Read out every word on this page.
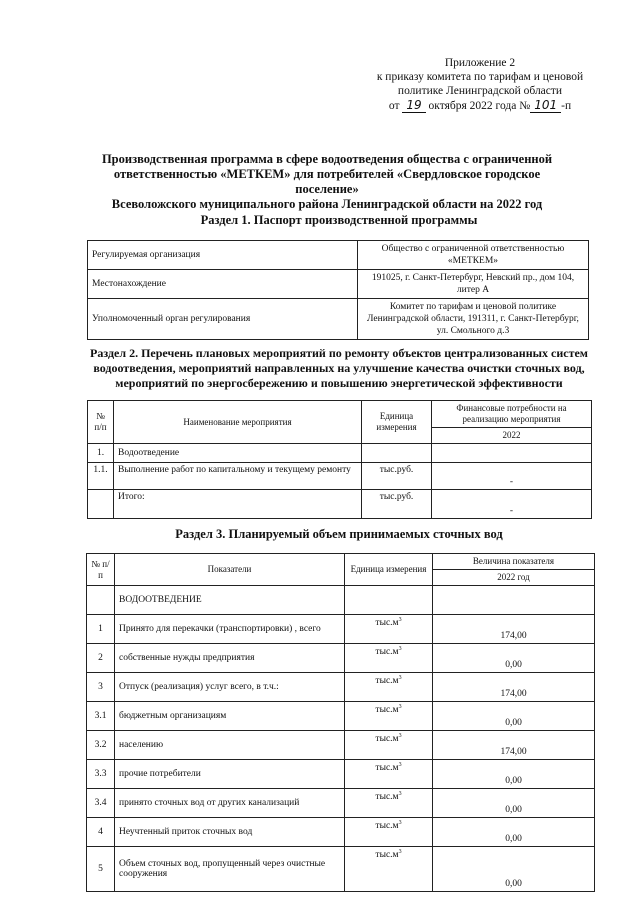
Приложение 2
к приказу комитета по тарифам и ценовой
политике Ленинградской области
от 19 октября 2022 года № 101 -п
Производственная программа в сфере водоотведения общества с ограниченной
ответственностью «МЕТКЕМ» для потребителей «Свердловское городское поселение»
Всеволожского муниципального района Ленинградской области на 2022 год
Раздел 1. Паспорт производственной программы
Регулируемая организация	Общество с ограниченной ответственностью «МЕТКЕМ»
Местонахождение	191025, г. Санкт-Петербург, Невский пр., дом 104, литер А
Уполномоченный орган регулирования	Комитет по тарифам и ценовой политике Ленинградской области, 191311, г. Санкт-Петербург, ул. Смольного д.3
Раздел 2. Перечень плановых мероприятий по ремонту объектов централизованных систем водоотведения, мероприятий направленных на улучшение качества очистки сточных вод, мероприятий по энергосбережению и повышению энергетической эффективности
№ п/п	Наименование мероприятия	Единица измерения	Финансовые потребности на реализацию мероприятия
			2022
1.	Водоотведение		
1.1.	Выполнение работ по капитальному и текущему ремонту	тыс.руб.	-
	Итого:	тыс.руб.	-
Раздел 3. Планируемый объем принимаемых сточных вод
№ п/п	Показатели	Единица измерения	Величина показателя
			2022 год
	ВОДООТВЕДЕНИЕ		
1	Принято для перекачки (транспортировки) , всего	$тыс.м^3$	174,00
2	собственные нужды предприятия	$тыс.м^3$	0,00
3	Отпуск (реализация) услуг всего, в т.ч.:	$тыс.м^3$	174,00
3.1	бюджетным организациям	$тыс.м^3$	0,00
3.2	населению	$тыс.м^3$	174,00
3.3	прочие потребители	$тыс.м^3$	0,00
3.4	принято сточных вод от других канализаций	$тыс.м^3$	0,00
4	Неучтенный приток сточных вод	$тыс.м^3$	0,00
5	Объем сточных вод, пропущенный через очистные сооружения	$тыс.м^3$	0,00
